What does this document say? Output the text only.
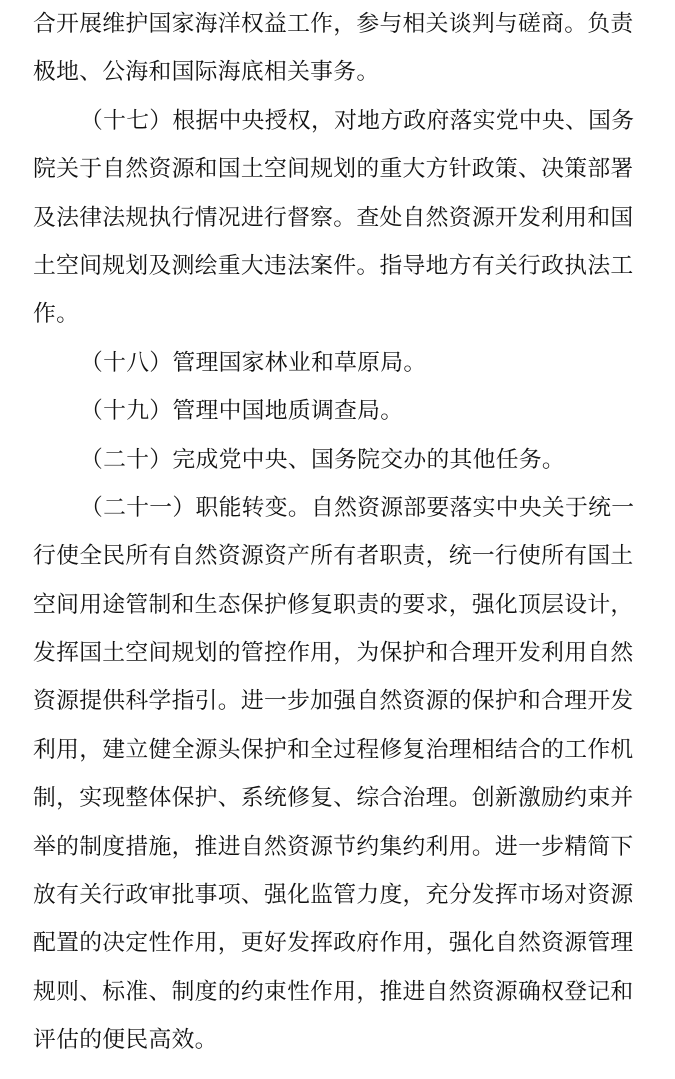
合开展维护国家海洋权益工作，参与相关谈判与磋商。负责
极地、公海和国际海底相关事务。
（十七）根据中央授权，对地方政府落实党中央、国务
院关于自然资源和国土空间规划的重大方针政策、决策部署
及法律法规执行情况进行督察。查处自然资源开发利用和国
土空间规划及测绘重大违法案件。指导地方有关行政执法工
作。
（十八）管理国家林业和草原局。
（十九）管理中国地质调查局。
（二十）完成党中央、国务院交办的其他任务。
（二十一）职能转变。自然资源部要落实中央关于统一
行使全民所有自然资源资产所有者职责，统一行使所有国土
空间用途管制和生态保护修复职责的要求，强化顶层设计，
发挥国土空间规划的管控作用，为保护和合理开发利用自然
资源提供科学指引。进一步加强自然资源的保护和合理开发
利用，建立健全源头保护和全过程修复治理相结合的工作机
制，实现整体保护、系统修复、综合治理。创新激励约束并
举的制度措施，推进自然资源节约集约利用。进一步精简下
放有关行政审批事项、强化监管力度，充分发挥市场对资源
配置的决定性作用，更好发挥政府作用，强化自然资源管理
规则、标准、制度的约束性作用，推进自然资源确权登记和
评估的便民高效。
